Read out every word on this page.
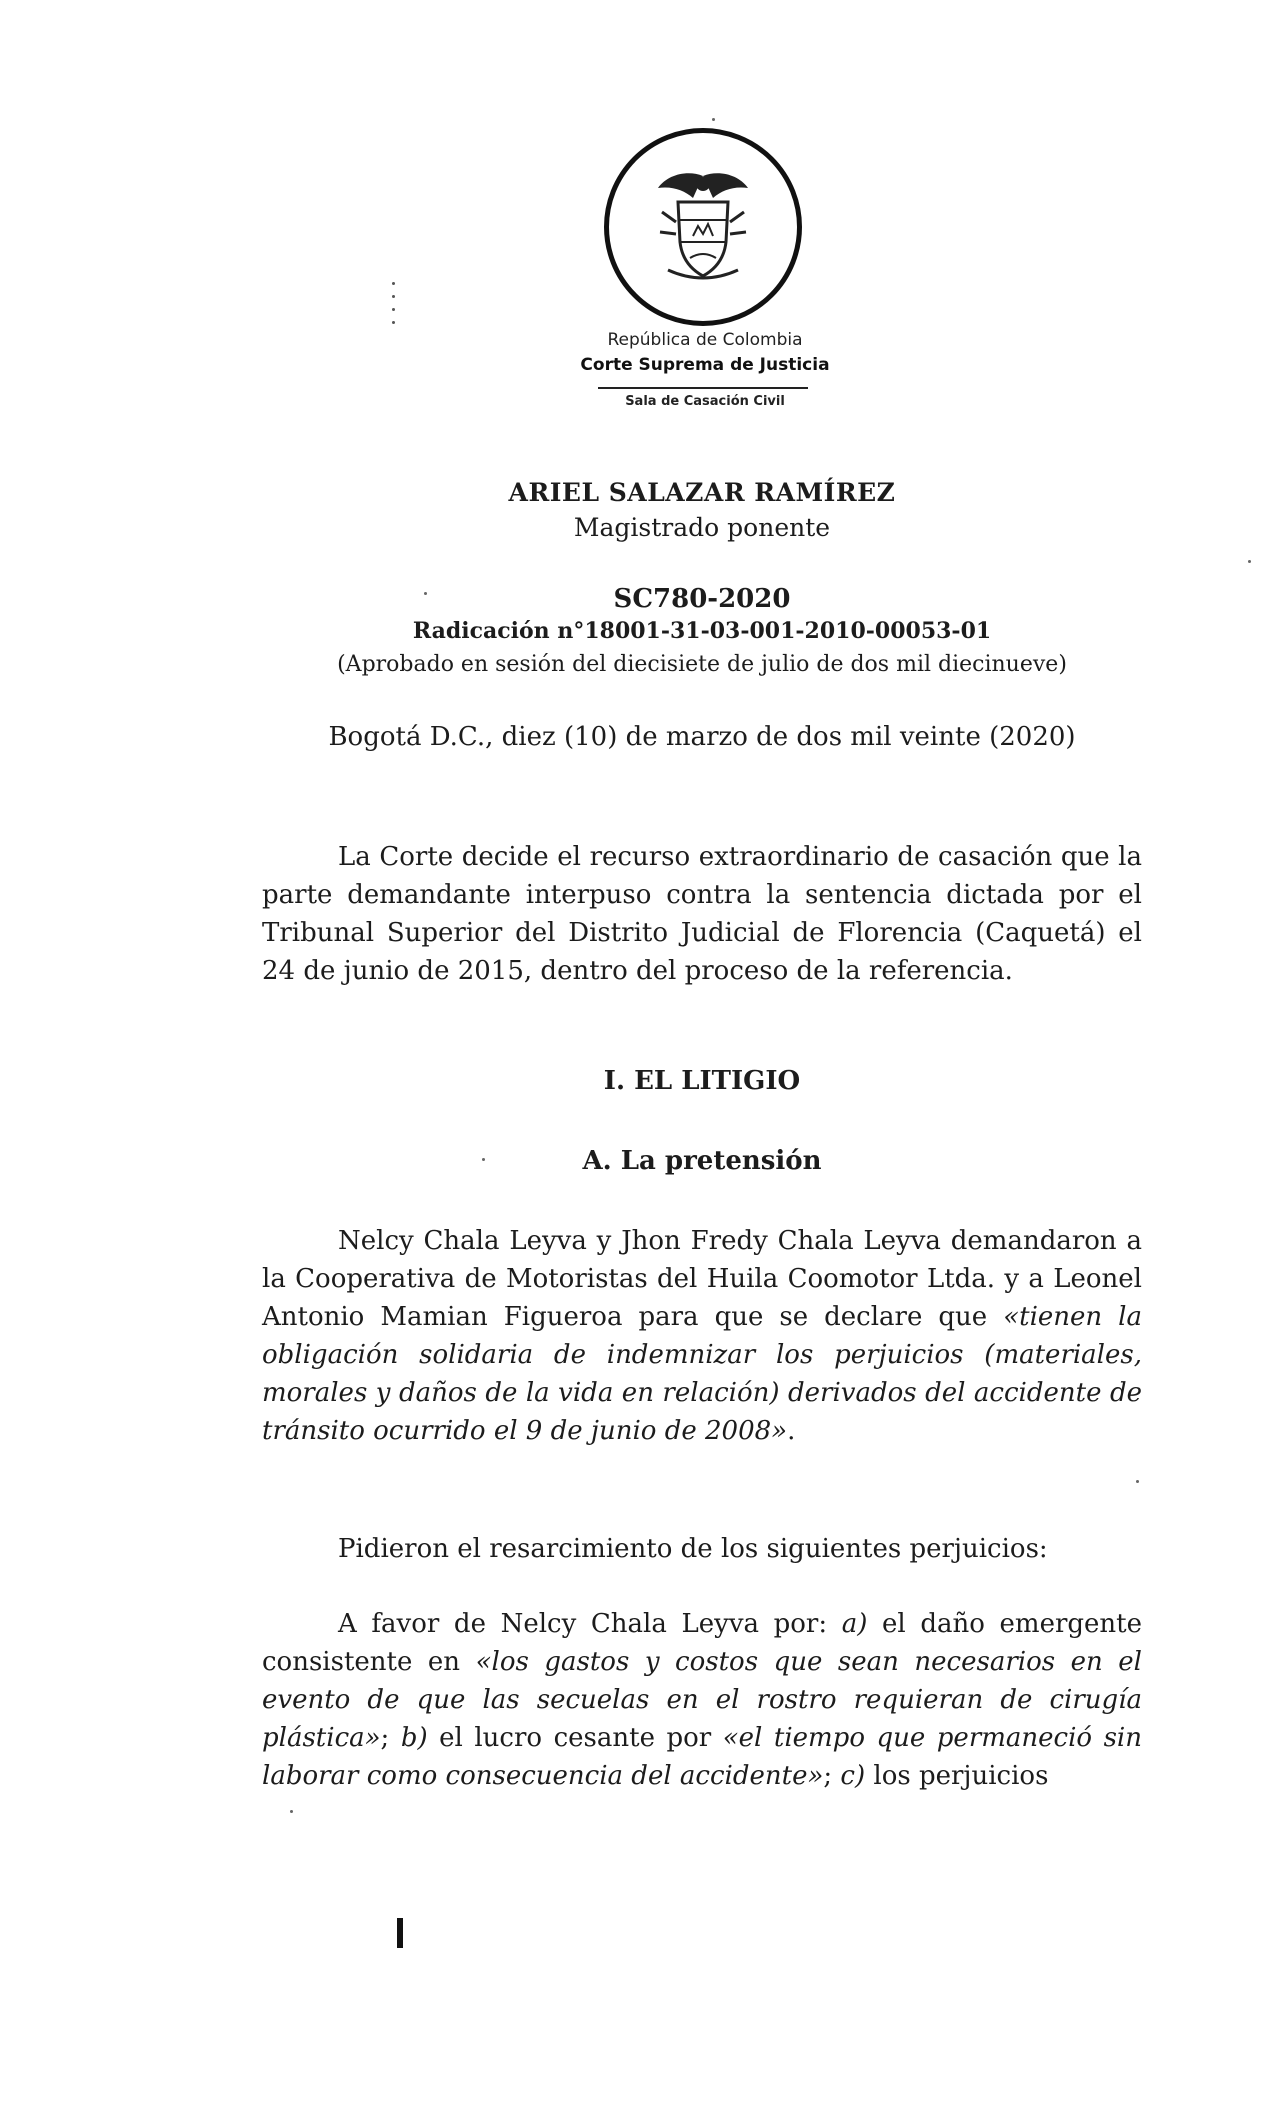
República de Colombia
Corte Suprema de Justicia
Sala de Casación Civil
ARIEL SALAZAR RAMÍREZ
Magistrado ponente
SC780-2020
Radicación n°18001-31-03-001-2010-00053-01
(Aprobado en sesión del diecisiete de julio de dos mil diecinueve)
Bogotá D.C., diez (10) de marzo de dos mil veinte (2020)

La Corte decide el recurso extraordinario de casación que la parte demandante interpuso contra la sentencia dictada por el Tribunal Superior del Distrito Judicial de Florencia (Caquetá) el 24 de junio de 2015, dentro del proceso de la referencia.

I. EL LITIGIO
A. La pretensión

Nelcy Chala Leyva y Jhon Fredy Chala Leyva demandaron a la Cooperativa de Motoristas del Huila Coomotor Ltda. y a Leonel Antonio Mamian Figueroa para que se declare que «tienen la obligación solidaria de indemnizar los perjuicios (materiales, morales y daños de la vida en relación) derivados del accidente de tránsito ocurrido el 9 de junio de 2008».

Pidieron el resarcimiento de los siguientes perjuicios:

A favor de Nelcy Chala Leyva por: a) el daño emergente consistente en «los gastos y costos que sean necesarios en el evento de que las secuelas en el rostro requieran de cirugía plástica»; b) el lucro cesante por «el tiempo que permaneció sin laborar como consecuencia del accidente»; c) los perjuicios
